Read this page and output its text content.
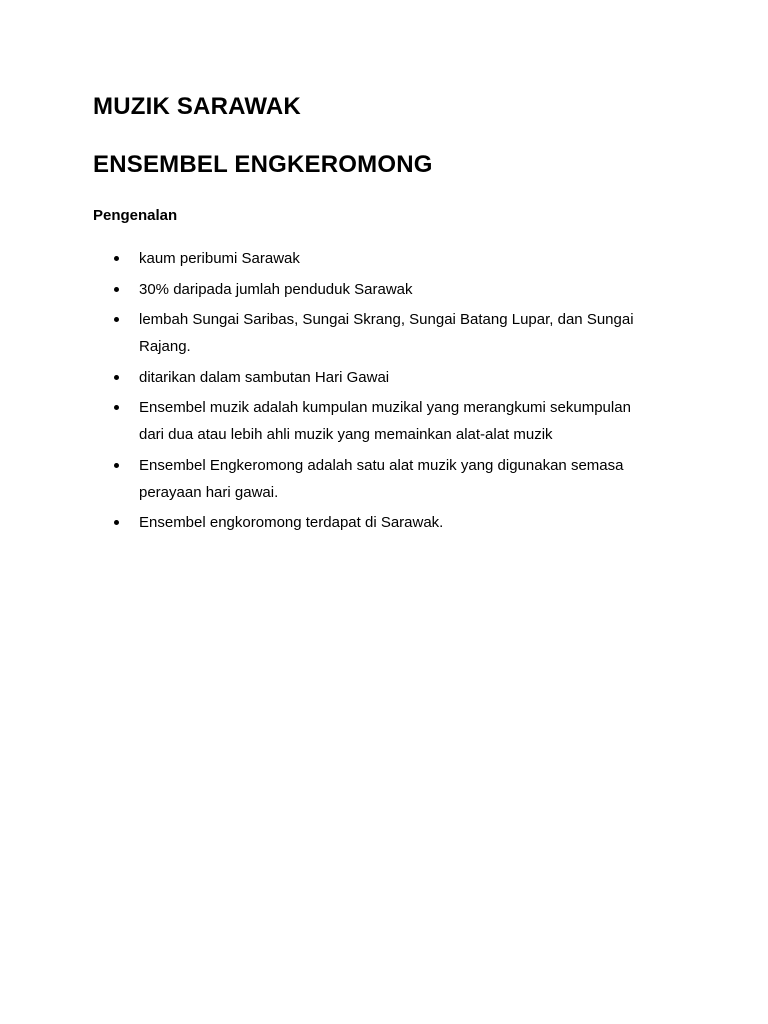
MUZIK SARAWAK
ENSEMBEL ENGKEROMONG
Pengenalan
kaum peribumi Sarawak
30% daripada jumlah penduduk Sarawak
lembah Sungai Saribas, Sungai Skrang, Sungai Batang Lupar, dan Sungai
Rajang.
ditarikan dalam sambutan Hari Gawai
Ensembel muzik adalah kumpulan muzikal yang merangkumi sekumpulan
dari dua atau lebih ahli muzik yang memainkan alat-alat muzik
Ensembel Engkeromong adalah satu alat muzik yang digunakan semasa
perayaan hari gawai.
Ensembel engkoromong terdapat di Sarawak.
